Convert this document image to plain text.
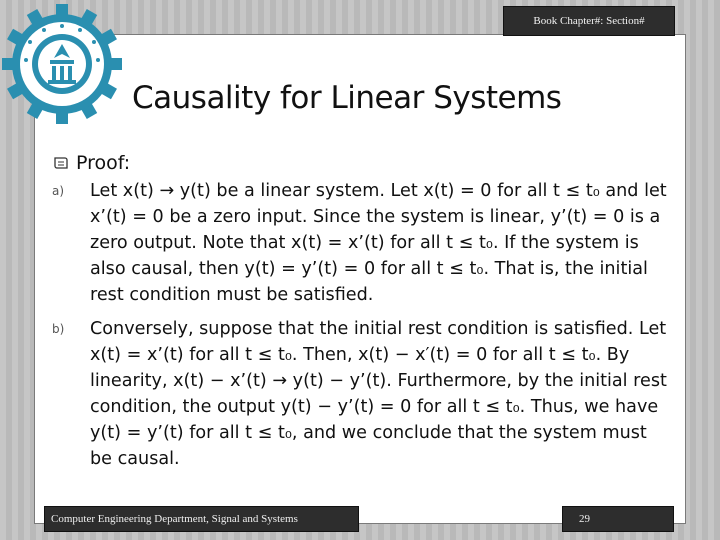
Book Chapter#: Section#
Causality for Linear Systems
Proof:
a) Let x(t) → y(t) be a linear system. Let x(t) = 0 for all t ≤ t₀ and let x’(t) = 0 be a zero input. Since the system is linear, y’(t) = 0 is a zero output. Note that x(t) = x’(t) for all t ≤ t₀. If the system is also causal, then y(t) = y’(t) = 0 for all t ≤ t₀. That is, the initial rest condition must be satisfied.
b) Conversely, suppose that the initial rest condition is satisfied. Let x(t) = x’(t) for all t ≤ t₀. Then, x(t) − x′(t) = 0 for all t ≤ t₀. By linearity, x(t) − x’(t) → y(t) − y’(t). Furthermore, by the initial rest condition, the output y(t) − y’(t) = 0 for all t ≤ t₀. Thus, we have y(t) = y’(t) for all t ≤ t₀, and we conclude that the system must be causal.
Computer Engineering Department, Signal and Systems	29
